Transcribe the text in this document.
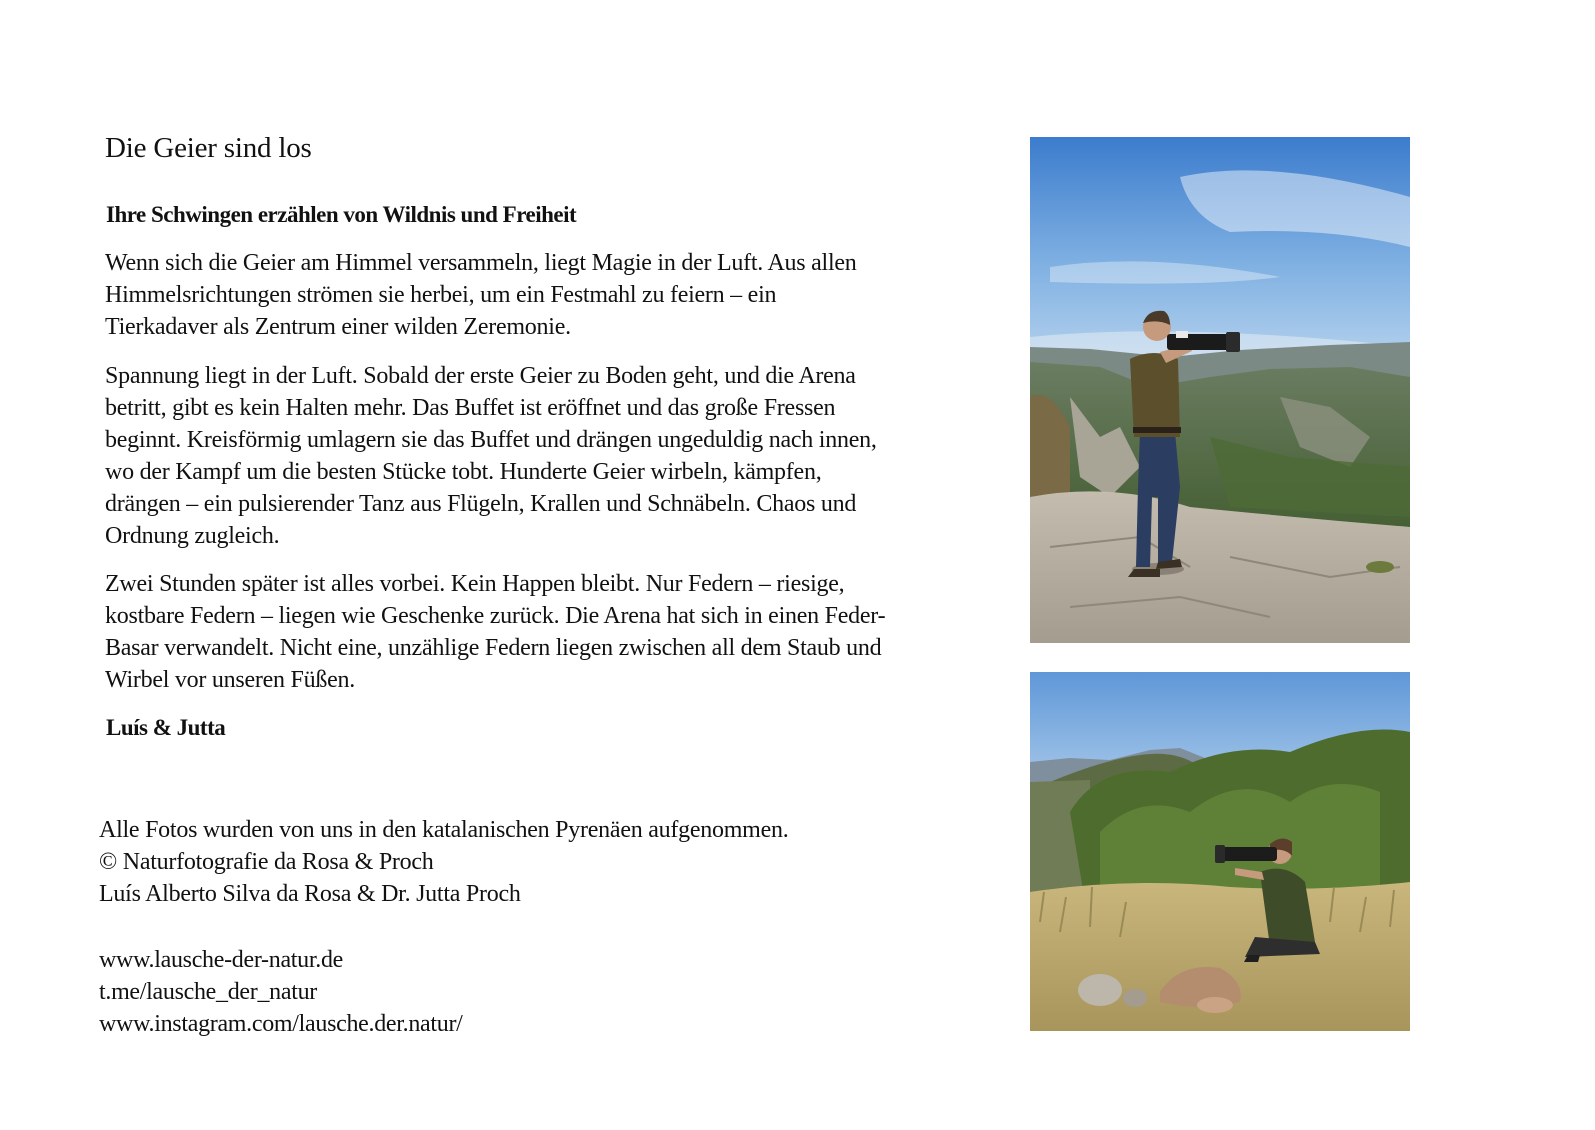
Die Geier sind los

Ihre Schwingen erzählen von Wildnis und Freiheit

Wenn sich die Geier am Himmel versammeln, liegt Magie in der Luft. Aus allen
Himmelsrichtungen strömen sie herbei, um ein Festmahl zu feiern – ein
Tierkadaver als Zentrum einer wilden Zeremonie.

Spannung liegt in der Luft. Sobald der erste Geier zu Boden geht, und die Arena
betritt, gibt es kein Halten mehr. Das Buffet ist eröffnet und das große Fressen
beginnt. Kreisförmig umlagern sie das Buffet und drängen ungeduldig nach innen,
wo der Kampf um die besten Stücke tobt. Hunderte Geier wirbeln, kämpfen,
drängen – ein pulsierender Tanz aus Flügeln, Krallen und Schnäbeln. Chaos und
Ordnung zugleich.

Zwei Stunden später ist alles vorbei. Kein Happen bleibt. Nur Federn – riesige,
kostbare Federn – liegen wie Geschenke zurück. Die Arena hat sich in einen Feder-
Basar verwandelt. Nicht eine, unzählige Federn liegen zwischen all dem Staub und
Wirbel vor unseren Füßen.

Luís & Jutta

Alle Fotos wurden von uns in den katalanischen Pyrenäen aufgenommen.
© Naturfotografie da Rosa & Proch
Luís Alberto Silva da Rosa & Dr. Jutta Proch

www.lausche-der-natur.de
t.me/lausche_der_natur
www.instagram.com/lausche.der.natur/
